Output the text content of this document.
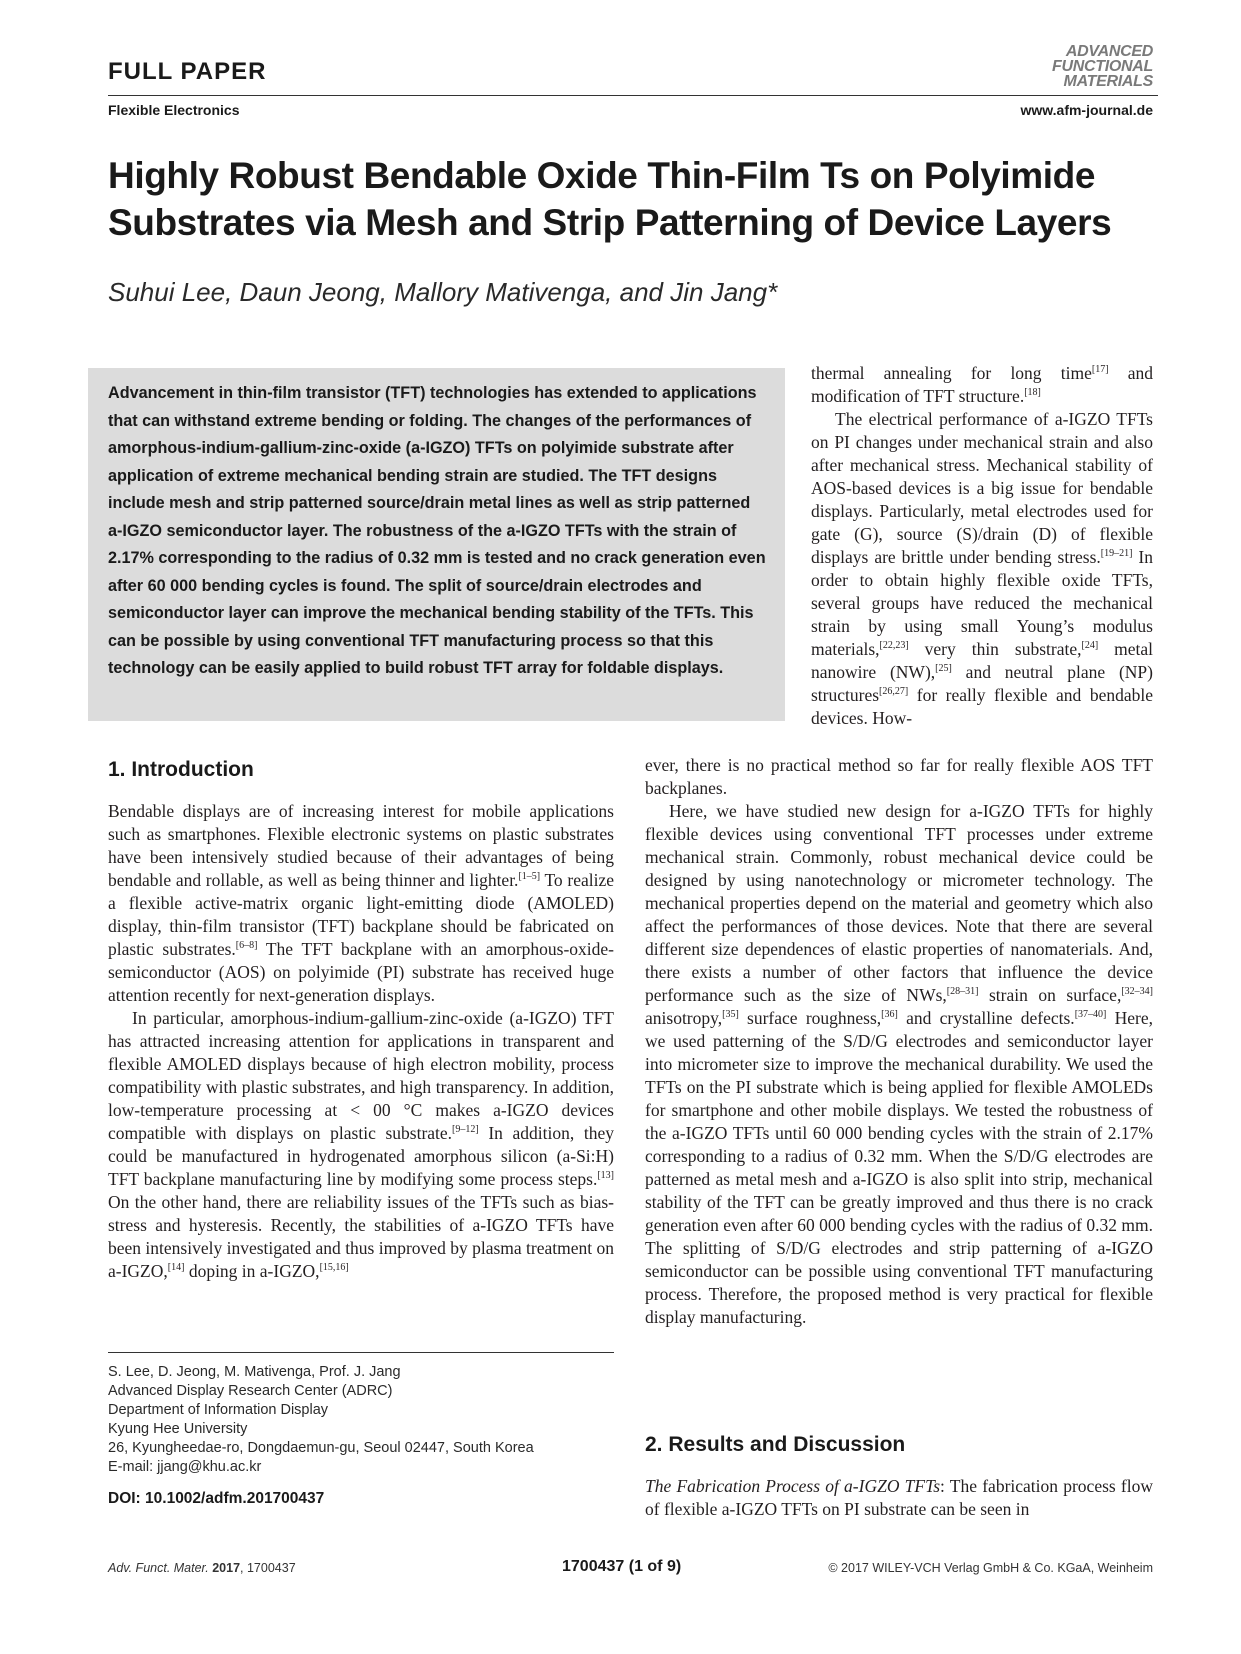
FULL PAPER
Flexible Electronics
ADVANCED
FUNCTIONAL
MATERIALS
www.afm-journal.de
Highly Robust Bendable Oxide Thin-Film Ts on Polyimide Substrates via Mesh and Strip Patterning of Device Layers
Suhui Lee, Daun Jeong, Mallory Mativenga, and Jin Jang*
Advancement in thin-film transistor (TFT) technologies has extended to applications that can withstand extreme bending or folding. The changes of the performances of amorphous-indium-gallium-zinc-oxide (a-IGZO) TFTs on polyimide substrate after application of extreme mechanical bending strain are studied. The TFT designs include mesh and strip patterned source/drain metal lines as well as strip patterned a-IGZO semiconductor layer. The robustness of the a-IGZO TFTs with the strain of 2.17% corresponding to the radius of 0.32 mm is tested and no crack generation even after 60 000 bending cycles is found. The split of source/drain electrodes and semiconductor layer can improve the mechanical bending stability of the TFTs. This can be possible by using conventional TFT manufacturing process so that this technology can be easily applied to build robust TFT array for foldable displays.

thermal annealing for long time[17] and modification of TFT structure.[18]

The electrical performance of a-IGZO TFTs on PI changes under mechanical strain and also after mechanical stress. Mechanical stability of AOS-based devices is a big issue for bendable displays. Particularly, metal electrodes used for gate (G), source (S)/drain (D) of flexible displays are brittle under bending stress.[19–21] In order to obtain highly flexible oxide TFTs, several groups have reduced the mechanical strain by using small Young’s modulus materials,[22,23] very thin substrate,[24] metal nanowire (NW),[25] and neutral plane (NP) structures[26,27] for really flexible and bendable devices. How-

1. Introduction

Bendable displays are of increasing interest for mobile applications such as smartphones. Flexible electronic systems on plastic substrates have been intensively studied because of their advantages of being bendable and rollable, as well as being thinner and lighter.[1–5] To realize a flexible active-matrix organic light-emitting diode (AMOLED) display, thin-film transistor (TFT) backplane should be fabricated on plastic substrates.[6–8] The TFT backplane with an amorphous-oxide-semiconductor (AOS) on polyimide (PI) substrate has received huge attention recently for next-generation displays.

In particular, amorphous-indium-gallium-zinc-oxide (a-IGZO) TFT has attracted increasing attention for applications in transparent and flexible AMOLED displays because of high electron mobility, process compatibility with plastic substrates, and high transparency. In addition, low-temperature processing at < 00 °C makes a-IGZO devices compatible with displays on plastic substrate.[9–12] In addition, they could be manufactured in hydrogenated amorphous silicon (a-Si:H) TFT backplane manufacturing line by modifying some process steps.[13] On the other hand, there are reliability issues of the TFTs such as bias-stress and hysteresis. Recently, the stabilities of a-IGZO TFTs have been intensively investigated and thus improved by plasma treatment on a-IGZO,[14] doping in a-IGZO,[15,16]

ever, there is no practical method so far for really flexible AOS TFT backplanes.

Here, we have studied new design for a-IGZO TFTs for highly flexible devices using conventional TFT processes under extreme mechanical strain. Commonly, robust mechanical device could be designed by using nanotechnology or micrometer technology. The mechanical properties depend on the material and geometry which also affect the performances of those devices. Note that there are several different size dependences of elastic properties of nanomaterials. And, there exists a number of other factors that influence the device performance such as the size of NWs,[28–31] strain on surface,[32–34] anisotropy,[35] surface roughness,[36] and crystalline defects.[37–40] Here, we used patterning of the S/D/G electrodes and semiconductor layer into micrometer size to improve the mechanical durability. We used the TFTs on the PI substrate which is being applied for flexible AMOLEDs for smartphone and other mobile displays. We tested the robustness of the a-IGZO TFTs until 60 000 bending cycles with the strain of 2.17% corresponding to a radius of 0.32 mm. When the S/D/G electrodes are patterned as metal mesh and a-IGZO is also split into strip, mechanical stability of the TFT can be greatly improved and thus there is no crack generation even after 60 000 bending cycles with the radius of 0.32 mm. The splitting of S/D/G electrodes and strip patterning of a-IGZO semiconductor can be possible using conventional TFT manufacturing process. Therefore, the proposed method is very practical for flexible display manufacturing.

S. Lee, D. Jeong, M. Mativenga, Prof. J. Jang
Advanced Display Research Center (ADRC)
Department of Information Display
Kyung Hee University
26, Kyungheedae-ro, Dongdaemun-gu, Seoul 02447, South Korea
E-mail: jjang@khu.ac.kr
DOI: 10.1002/adfm.201700437
2. Results and Discussion
The Fabrication Process of a-IGZO TFTs: The fabrication process flow of flexible a-IGZO TFTs on PI substrate can be seen in
Adv. Funct. Mater. 2017, 1700437	1700437 (1 of 9)	© 2017 WILEY-VCH Verlag GmbH & Co. KGaA, Weinheim
